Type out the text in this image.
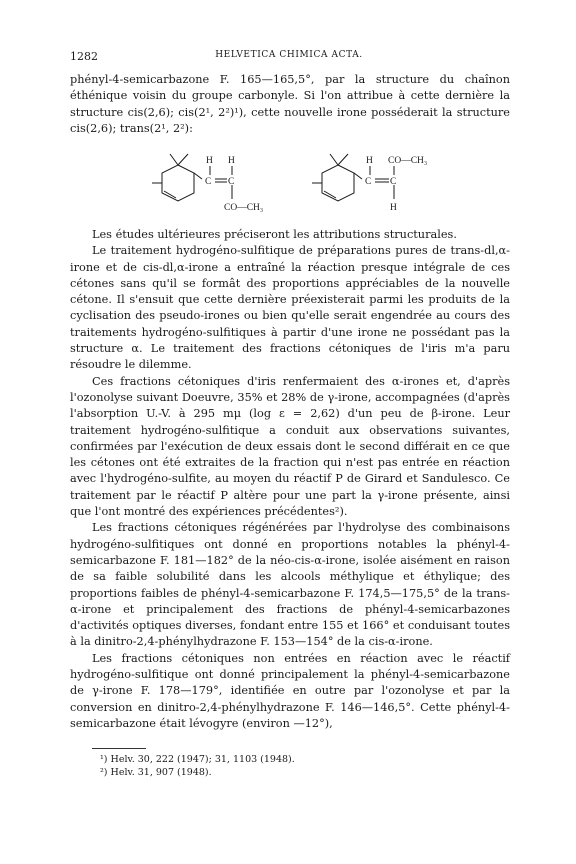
1282	HELVETICA CHIMICA ACTA.

phényl-4-semicarbazone F. 165—165,5°, par la structure du chaînon éthénique voisin du groupe carbonyle. Si l'on attribue à cette dernière la structure cis(2,6); cis(2¹, 2²)¹), cette nouvelle irone posséderait la structure cis(2,6); trans(2¹, 2²):

H H
C C
CO—CH₃
H CO—CH₃
C C
H

Les études ultérieures préciseront les attributions structurales.

Le traitement hydrogéno-sulfitique de préparations pures de trans-dl,α-irone et de cis-dl,α-irone a entraîné la réaction presque intégrale de ces cétones sans qu'il se formât des proportions appréciables de la nouvelle cétone. Il s'ensuit que cette dernière préexisterait parmi les produits de la cyclisation des pseudo-irones ou bien qu'elle serait engendrée au cours des traitements hydrogéno-sulfitiques à partir d'une irone ne possédant pas la structure α. Le traitement des fractions cétoniques de l'iris m'a paru résoudre le dilemme.

Ces fractions cétoniques d'iris renfermaient des α-irones et, d'après l'ozonolyse suivant Doeuvre, 35% et 28% de γ-irone, accompagnées (d'après l'absorption U.-V. à 295 mμ (log ε = 2,62) d'un peu de β-irone. Leur traitement hydrogéno-sulfitique a conduit aux observations suivantes, confirmées par l'exécution de deux essais dont le second différait en ce que les cétones ont été extraites de la fraction qui n'est pas entrée en réaction avec l'hydrogéno-sulfite, au moyen du réactif P de Girard et Sandulesco. Ce traitement par le réactif P altère pour une part la γ-irone présente, ainsi que l'ont montré des expériences précédentes²).

Les fractions cétoniques régénérées par l'hydrolyse des combinaisons hydrogéno-sulfitiques ont donné en proportions notables la phényl-4-semicarbazone F. 181—182° de la néo-cis-α-irone, isolée aisément en raison de sa faible solubilité dans les alcools méthylique et éthylique; des proportions faibles de phényl-4-semicarbazone F. 174,5—175,5° de la trans-α-irone et principalement des fractions de phényl-4-semicarbazones d'activités optiques diverses, fondant entre 155 et 166° et conduisant toutes à la dinitro-2,4-phénylhydrazone F. 153—154° de la cis-α-irone.

Les fractions cétoniques non entrées en réaction avec le réactif hydrogéno-sulfitique ont donné principalement la phényl-4-semicarbazone de γ-irone F. 178—179°, identifiée en outre par l'ozonolyse et par la conversion en dinitro-2,4-phénylhydrazone F. 146—146,5°. Cette phényl-4-semicarbazone était lévogyre (environ —12°),

¹) Helv. 30, 222 (1947); 31, 1103 (1948).
²) Helv. 31, 907 (1948).
